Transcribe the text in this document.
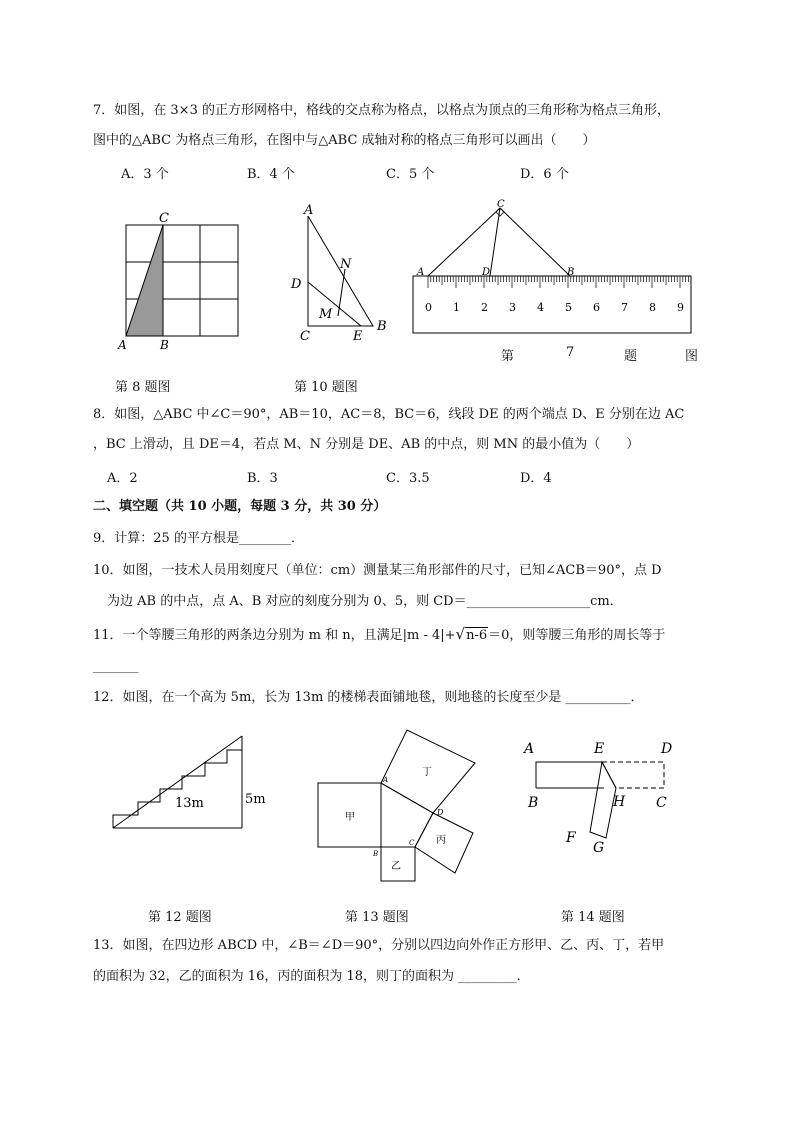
7．如图，在 3×3 的正方形网格中，格线的交点称为格点，以格点为顶点的三角形称为格点三角形，
图中的△ABC 为格点三角形，在图中与△ABC 成轴对称的格点三角形可以画出（　　）
A．3 个	B．4 个	C．5 个	D．6 个
C
A	B
A
N
D
M
C	E
B
0 1 2 3 4 5 6 7 8 9
C
A	D	B
第	7	题	图
第 8 题图	第 10 题图
8．如图，△ABC 中∠C＝90°，AB＝10，AC＝8，BC＝6，线段 DE 的两个端点 D、E 分别在边 AC
，BC 上滑动，且 DE＝4，若点 M、N 分别是 DE、AB 的中点，则 MN 的最小值为（　　）
A．2	B．3	C．3.5	D．4
二、填空题（共 10 小题，每题 3 分，共 30 分）
9．计算：25 的平方根是________．
10．如图，一技术人员用刻度尺（单位：cm）测量某三角形部件的尺寸，已知∠ACB＝90°，点 D
为边 AB 的中点，点 A、B 对应的刻度分别为 0、5，则 CD＝___________________cm．
11．一个等腰三角形的两条边分别为 m 和 n，且满足|m - 4|+√n-6＝0，则等腰三角形的周长等于
_______
12．如图，在一个高为 5m，长为 13m 的楼梯表面铺地毯，则地毯的长度至少是 __________．
13m	5m
甲
乙
丙
丁
A
B
C
D
A	E	D
B	H C
F
G
第 12 题图	第 13 题图	第 14 题图
13．如图，在四边形 ABCD 中，∠B＝∠D＝90°，分别以四边向外作正方形甲、乙、丙、丁，若甲
的面积为 32，乙的面积为 16，丙的面积为 18，则丁的面积为 _________．
